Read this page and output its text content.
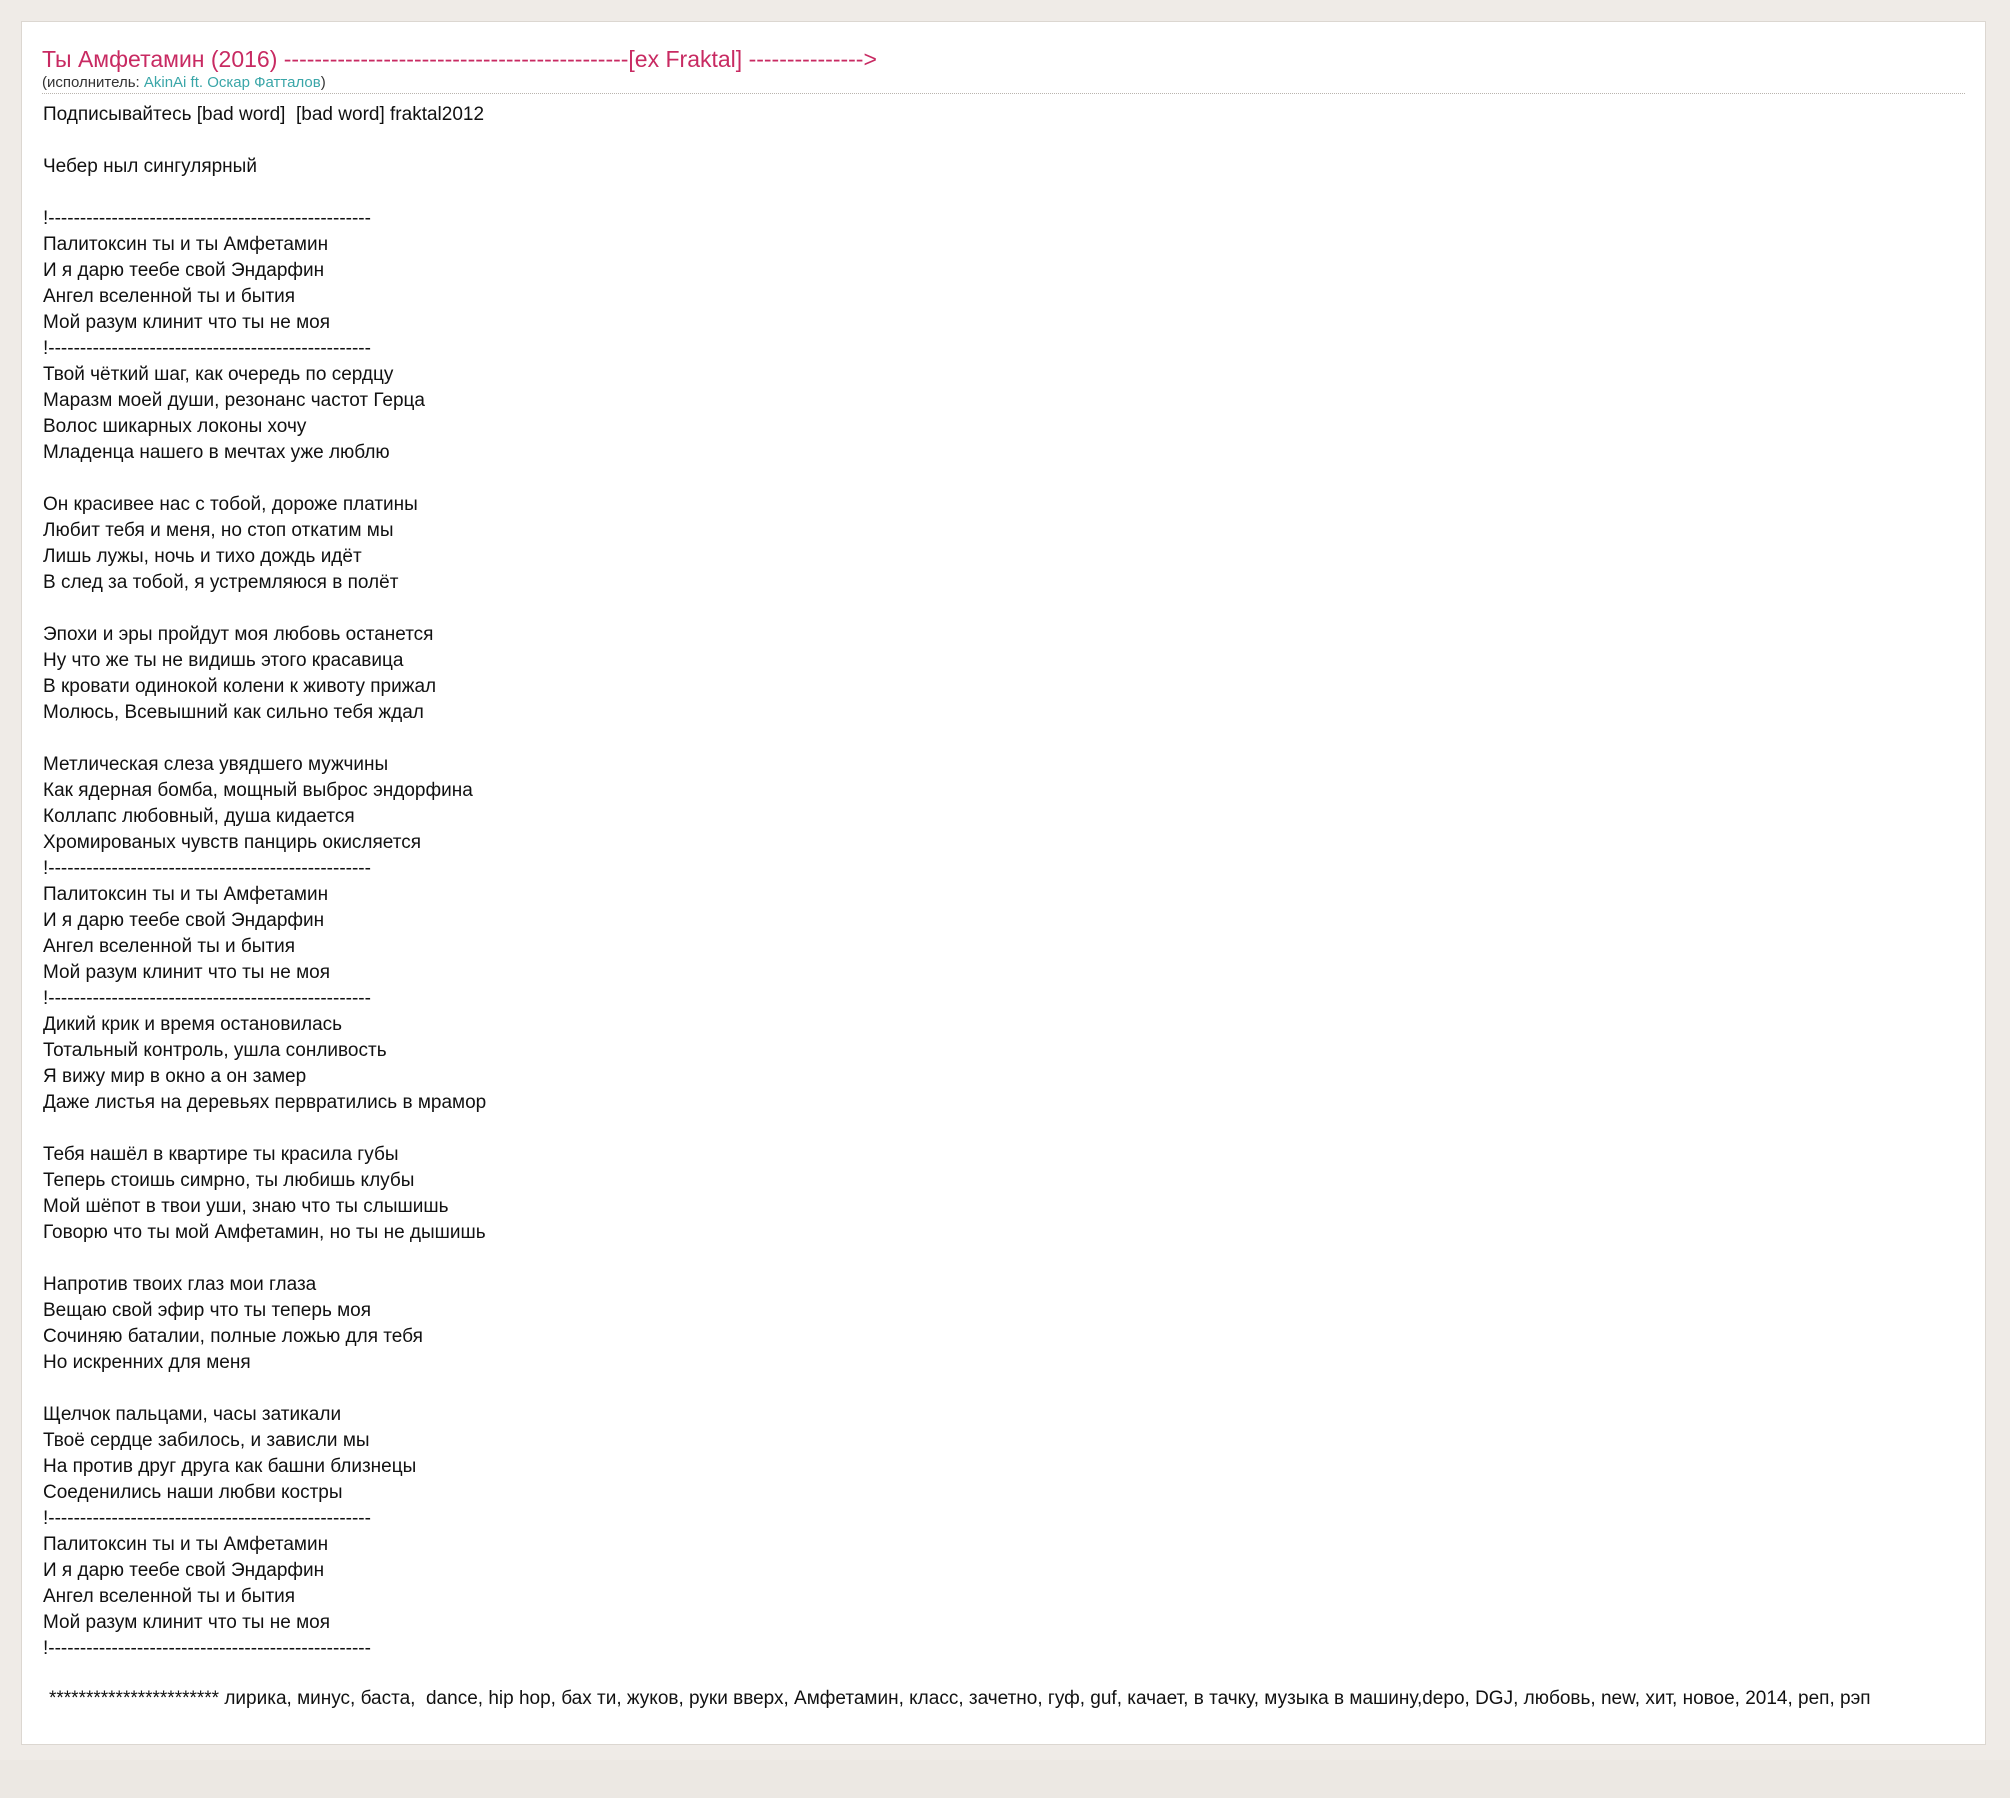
Ты Амфетамин (2016) ---------------------------------------------[ex Fraktal] --------------->
(исполнитель: AkinAi ft. Оскар Фатталов)
Подписывайтесь [bad word]  [bad word] fraktal2012

Чебер ныл сингулярный

!---------------------------------------------------
Палитоксин ты и ты Амфетамин
И я дарю теебе свой Эндарфин
Ангел вселенной ты и бытия
Мой разум клинит что ты не моя
!---------------------------------------------------
Твой чёткий шаг, как очередь по сердцу
Маразм моей души, резонанс частот Герца
Волос шикарных локоны хочу
Младенца нашего в мечтах уже люблю

Он красивее нас с тобой, дороже платины
Любит тебя и меня, но стоп откатим мы
Лишь лужы, ночь и тихо дождь идёт
В след за тобой, я устремляюся в полёт

Эпохи и эры пройдут моя любовь останется
Ну что же ты не видишь этого красавица
В кровати одинокой колени к животу прижал
Молюсь, Всевышний как сильно тебя ждал

Метлическая слеза увядшего мужчины
Как ядерная бомба, мощный выброс эндорфина
Коллапс любовный, душа кидается
Хромированых чувств панцирь окисляется
!---------------------------------------------------
Палитоксин ты и ты Амфетамин
И я дарю теебе свой Эндарфин
Ангел вселенной ты и бытия
Мой разум клинит что ты не моя
!---------------------------------------------------
Дикий крик и время остановилась
Тотальный контроль, ушла сонливость
Я вижу мир в окно а он замер
Даже листья на деревьях первратились в мрамор

Тебя нашёл в квартире ты красила губы
Теперь стоишь симрно, ты любишь клубы
Мой шёпот в твои уши, знаю что ты слышишь
Говорю что ты мой Амфетамин, но ты не дышишь

Напротив твоих глаз мои глаза
Вещаю свой эфир что ты теперь моя
Сочиняю баталии, полные ложью для тебя
Но искренних для меня

Щелчок пальцами, часы затикали
Твоё сердце забилось, и зависли мы
На против друг друга как башни близнецы
Соеденились наши любви костры
!---------------------------------------------------
Палитоксин ты и ты Амфетамин
И я дарю теебе свой Эндарфин
Ангел вселенной ты и бытия
Мой разум клинит что ты не моя
!---------------------------------------------------
*********************** лирика, минус, баста,  dance, hip hop, бах ти, жуков, руки вверх, Амфетамин, класс, зачетно, гуф, guf, качает, в тачку, музыка в машину,depo, DGJ, любовь, new, хит, новое, 2014, реп, рэп
